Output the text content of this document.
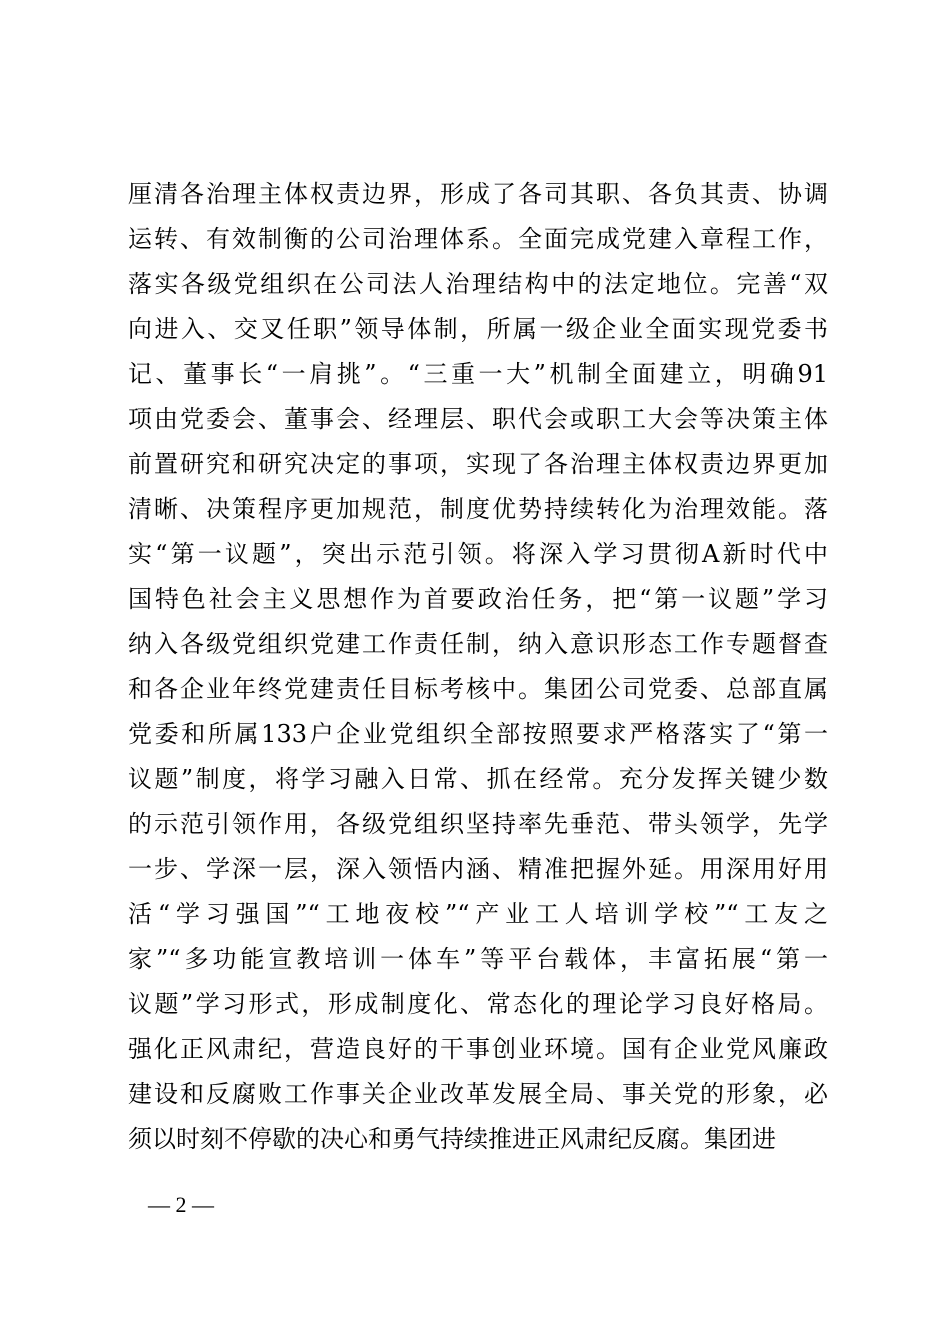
厘清各治理主体权责边界，形成了各司其职、各负其责、协调
运转、有效制衡的公司治理体系。全面完成党建入章程工作，
落实各级党组织在公司法人治理结构中的法定地位。完善“双
向进入、交叉任职”领导体制，所属一级企业全面实现党委书
记、董事长“一肩挑”。“三重一大”机制全面建立，明确91
项由党委会、董事会、经理层、职代会或职工大会等决策主体
前置研究和研究决定的事项，实现了各治理主体权责边界更加
清晰、决策程序更加规范，制度优势持续转化为治理效能。落
实“第一议题”，突出示范引领。将深入学习贯彻A新时代中
国特色社会主义思想作为首要政治任务，把“第一议题”学习
纳入各级党组织党建工作责任制，纳入意识形态工作专题督查
和各企业年终党建责任目标考核中。集团公司党委、总部直属
党委和所属133户企业党组织全部按照要求严格落实了“第一
议题”制度，将学习融入日常、抓在经常。充分发挥关键少数
的示范引领作用，各级党组织坚持率先垂范、带头领学，先学
一步、学深一层，深入领悟内涵、精准把握外延。用深用好用
活“学习强国”“工地夜校”“产业工人培训学校”“工友之
家”“多功能宣教培训一体车”等平台载体，丰富拓展“第一
议题”学习形式，形成制度化、常态化的理论学习良好格局。
强化正风肃纪，营造良好的干事创业环境。国有企业党风廉政
建设和反腐败工作事关企业改革发展全局、事关党的形象，必
须以时刻不停歇的决心和勇气持续推进正风肃纪反腐。集团进
— 2 —
